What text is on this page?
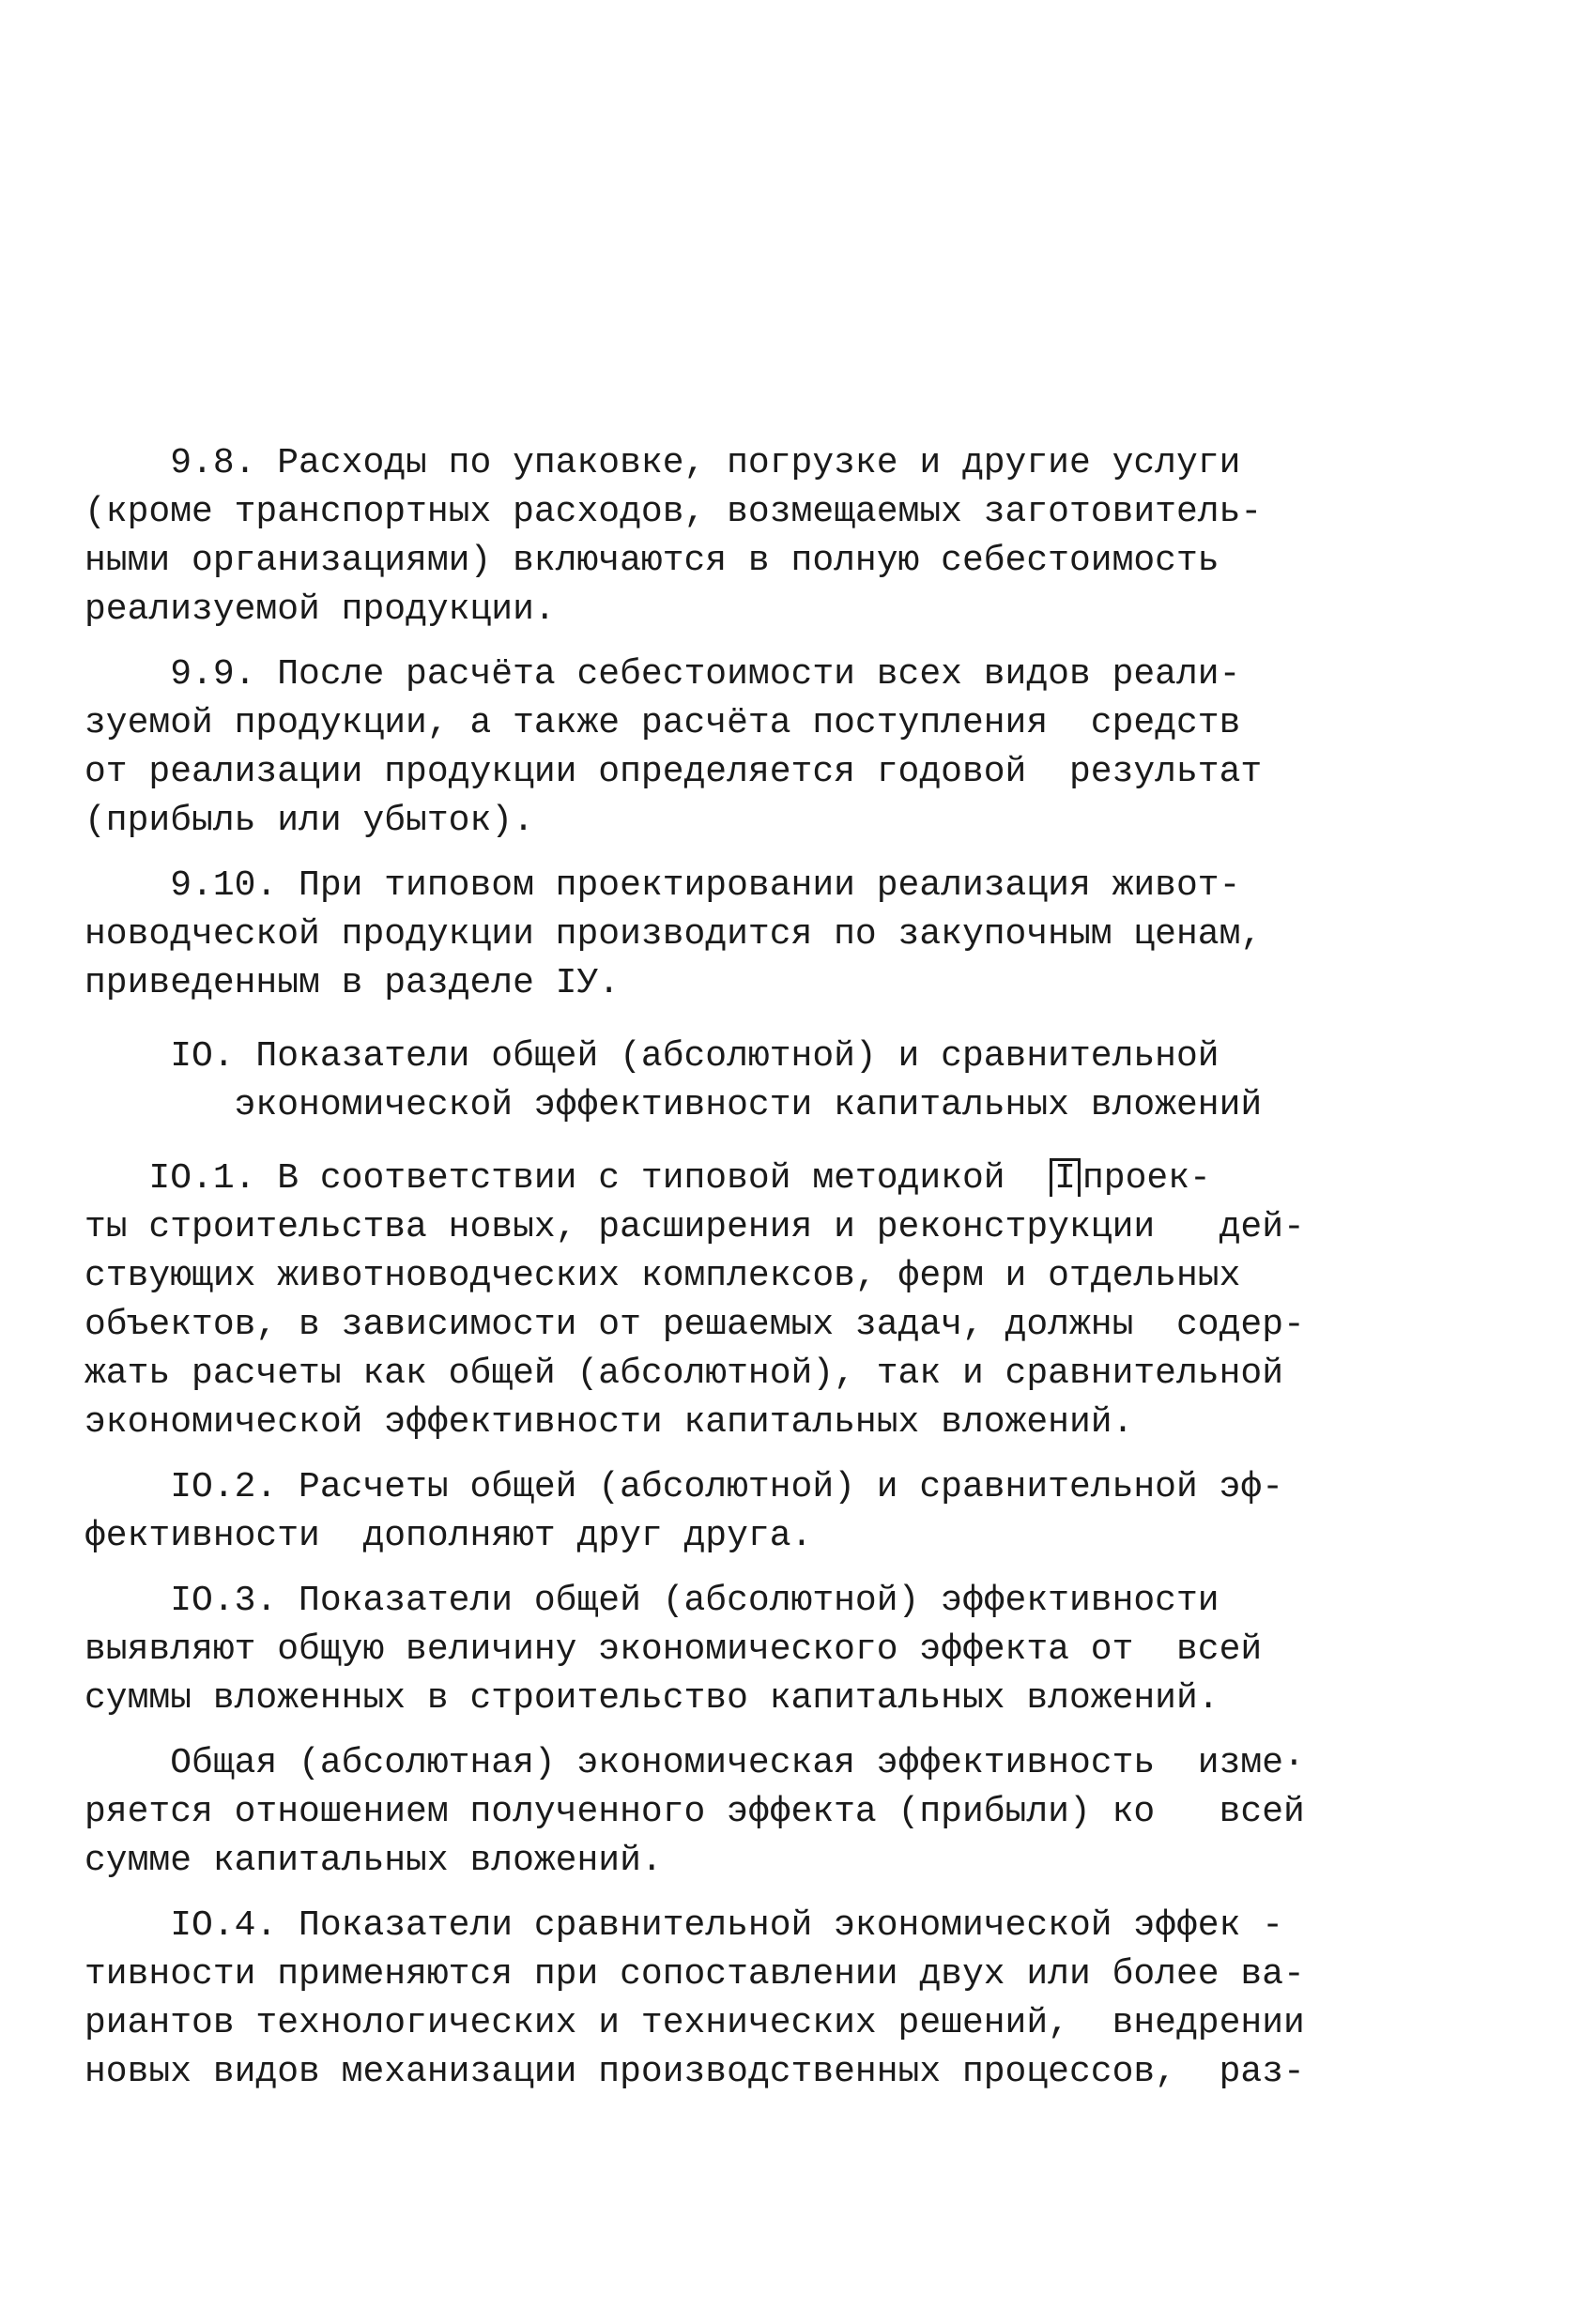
9.8. Расходы по упаковке, погрузке и другие услуги
(кроме транспортных расходов, возмещаемых заготовитель-
ными организациями) включаются в полную себестоимость
реализуемой продукции.
9.9. После расчёта себестоимости всех видов реали-
зуемой продукции, а также расчёта поступления  средств
от реализации продукции определяется годовой  результат
(прибыль или убыток).
9.10. При типовом проектировании реализация живот-
новодческой продукции производится по закупочным ценам,
приведенным в разделе IУ.
IO. Показатели общей (абсолютной) и сравнительной
экономической эффективности капитальных вложений
IO.1. В соответствии с типовой методикой  I проек-
ты строительства новых, расширения и реконструкции   дей-
ствующих животноводческих комплексов, ферм и отдельных
объектов, в зависимости от решаемых задач, должны  содер-
жать расчеты как общей (абсолютной), так и сравнительной
экономической эффективности капитальных вложений.
IO.2. Расчеты общей (абсолютной) и сравнительной эф-
фективности  дополняют друг друга.
IO.3. Показатели общей (абсолютной) эффективности
выявляют общую величину экономического эффекта от  всей
суммы вложенных в строительство капитальных вложений.
Общая (абсолютная) экономическая эффективность  изме·
ряется отношением полученного эффекта (прибыли) ко   всей
сумме капитальных вложений.
IO.4. Показатели сравнительной экономической эффек -
тивности применяются при сопоставлении двух или более ва-
риантов технологических и технических решений,  внедрении
новых видов механизации производственных процессов,  раз-
